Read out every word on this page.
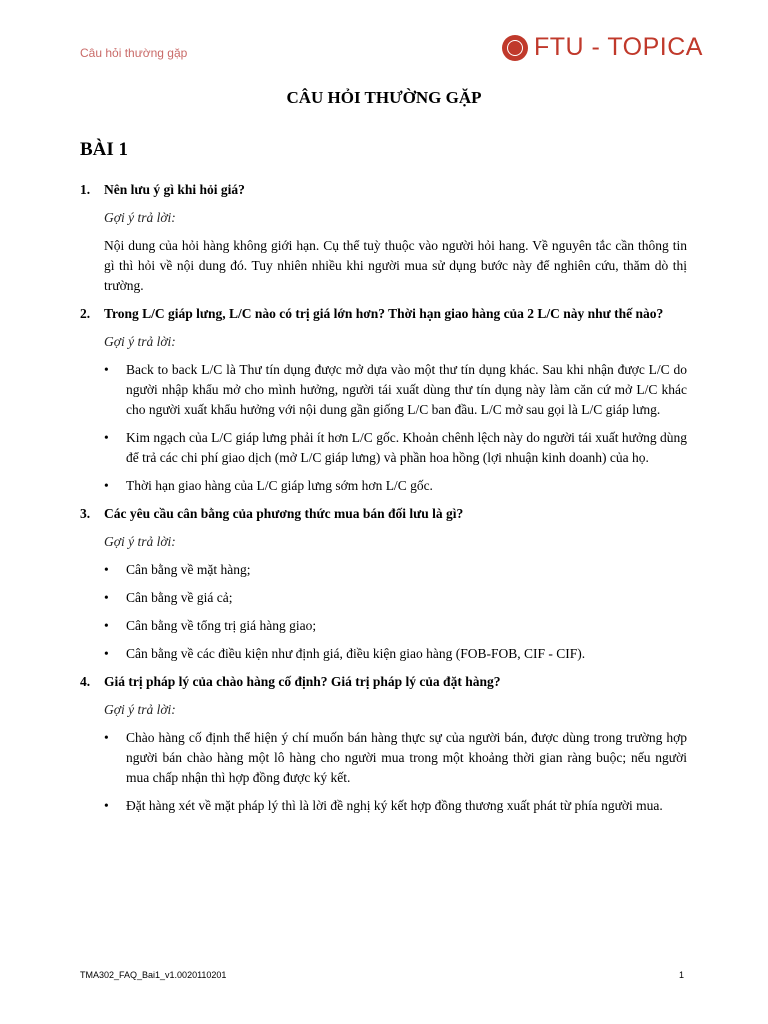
Câu hỏi thường gặp	FTU - TOPICA
CÂU HỎI THƯỜNG GẶP
BÀI 1
1.	Nên lưu ý gì khi hỏi giá?
Gợi ý trả lời:
Nội dung của hỏi hàng không giới hạn. Cụ thể tuỳ thuộc vào người hỏi hang. Về nguyên tắc cần thông tin gì thì hỏi về nội dung đó. Tuy nhiên nhiều khi người mua sử dụng bước này để nghiên cứu, thăm dò thị trường.
2.	Trong L/C giáp lưng, L/C nào có trị giá lớn hơn? Thời hạn giao hàng của 2 L/C này như thế nào?
Gợi ý trả lời:
•	Back to back L/C là Thư tín dụng được mở dựa vào một thư tín dụng khác. Sau khi nhận được L/C do người nhập khẩu mở cho mình hưởng, người tái xuất dùng thư tín dụng này làm căn cứ mở L/C khác cho người xuất khẩu hưởng với nội dung gần giống L/C ban đầu. L/C mở sau gọi là L/C giáp lưng.
•	Kim ngạch của L/C giáp lưng phải ít hơn L/C gốc. Khoản chênh lệch này do người tái xuất hưởng dùng để trả các chi phí giao dịch (mở L/C giáp lưng) và phần hoa hồng (lợi nhuận kinh doanh) của họ.
•	Thời hạn giao hàng của L/C giáp lưng sớm hơn L/C gốc.
3.	Các yêu cầu cân bằng của phương thức mua bán đối lưu là gì?
Gợi ý trả lời:
•	Cân bằng về mặt hàng;
•	Cân bằng về giá cả;
•	Cân bằng về tổng trị giá hàng giao;
•	Cân bằng về các điều kiện như định giá, điều kiện giao hàng (FOB-FOB, CIF - CIF).
4.	Giá trị pháp lý của chào hàng cố định? Giá trị pháp lý của đặt hàng?
Gợi ý trả lời:
•	Chào hàng cố định thể hiện ý chí muốn bán hàng thực sự của người bán, được dùng trong trường hợp người bán chào hàng một lô hàng cho người mua trong một khoảng thời gian ràng buộc; nếu người mua chấp nhận thì hợp đồng được ký kết.
•	Đặt hàng xét về mặt pháp lý thì là lời đề nghị ký kết hợp đồng thương xuất phát từ phía người mua.
TMA302_FAQ_Bai1_v1.0020110201	1
